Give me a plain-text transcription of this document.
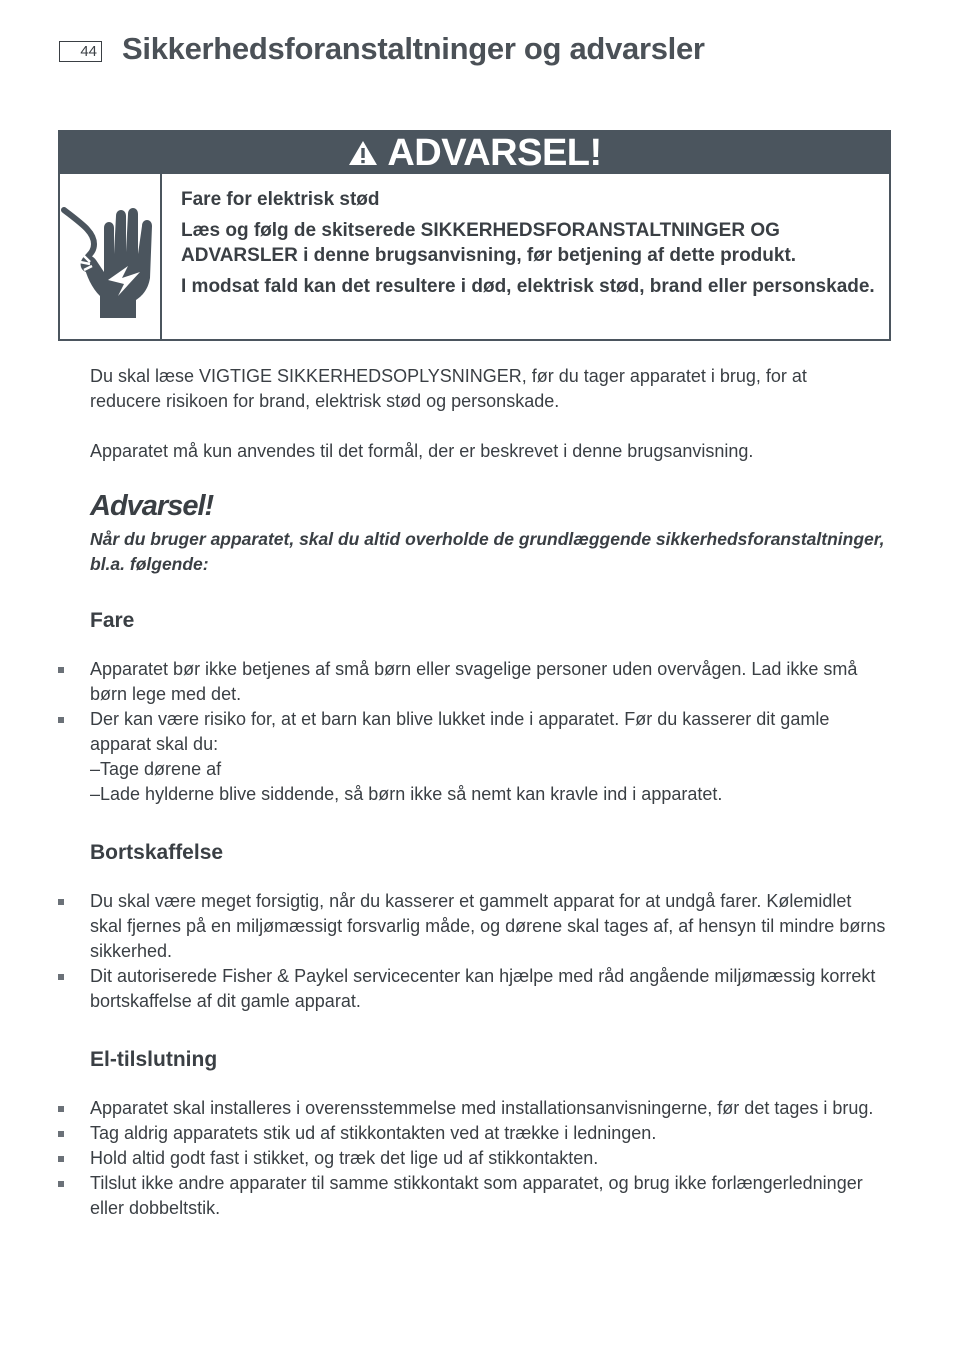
44 Sikkerhedsforanstaltninger og advarsler
ADVARSEL!

Fare for elektrisk stød

Læs og følg de skitserede SIKKERHEDSFORANSTALTNINGER OG ADVARSLER i denne brugsanvisning, før betjening af dette produkt.

I modsat fald kan det resultere i død, elektrisk stød, brand eller personskade.

Du skal læse VIGTIGE SIKKERHEDSOPLYSNINGER, før du tager apparatet i brug, for at reducere risikoen for brand, elektrisk stød og personskade.

Apparatet må kun anvendes til det formål, der er beskrevet i denne brugsanvisning.

Advarsel!

Når du bruger apparatet, skal du altid overholde de grundlæggende sikkerhedsforanstaltninger, bl.a. følgende:

Fare
Apparatet bør ikke betjenes af små børn eller svagelige personer uden overvågen. Lad ikke små børn lege med det.
Der kan være risiko for, at et barn kan blive lukket inde i apparatet. Før du kasserer dit gamle apparat skal du:
–Tage dørene af
–Lade hylderne blive siddende, så børn ikke så nemt kan kravle ind i apparatet.
Bortskaffelse
Du skal være meget forsigtig, når du kasserer et gammelt apparat for at undgå farer. Kølemidlet skal fjernes på en miljømæssigt forsvarlig måde, og dørene skal tages af, af hensyn til mindre børns sikkerhed.
Dit autoriserede Fisher & Paykel servicecenter kan hjælpe med råd angående miljømæssig korrekt bortskaffelse af dit gamle apparat.
El-tilslutning
Apparatet skal installeres i overensstemmelse med installationsanvisningerne, før det tages i brug.
Tag aldrig apparatets stik ud af stikkontakten ved at trække i ledningen.
Hold altid godt fast i stikket, og træk det lige ud af stikkontakten.
Tilslut ikke andre apparater til samme stikkontakt som apparatet, og brug ikke forlængerledninger eller dobbeltstik.
